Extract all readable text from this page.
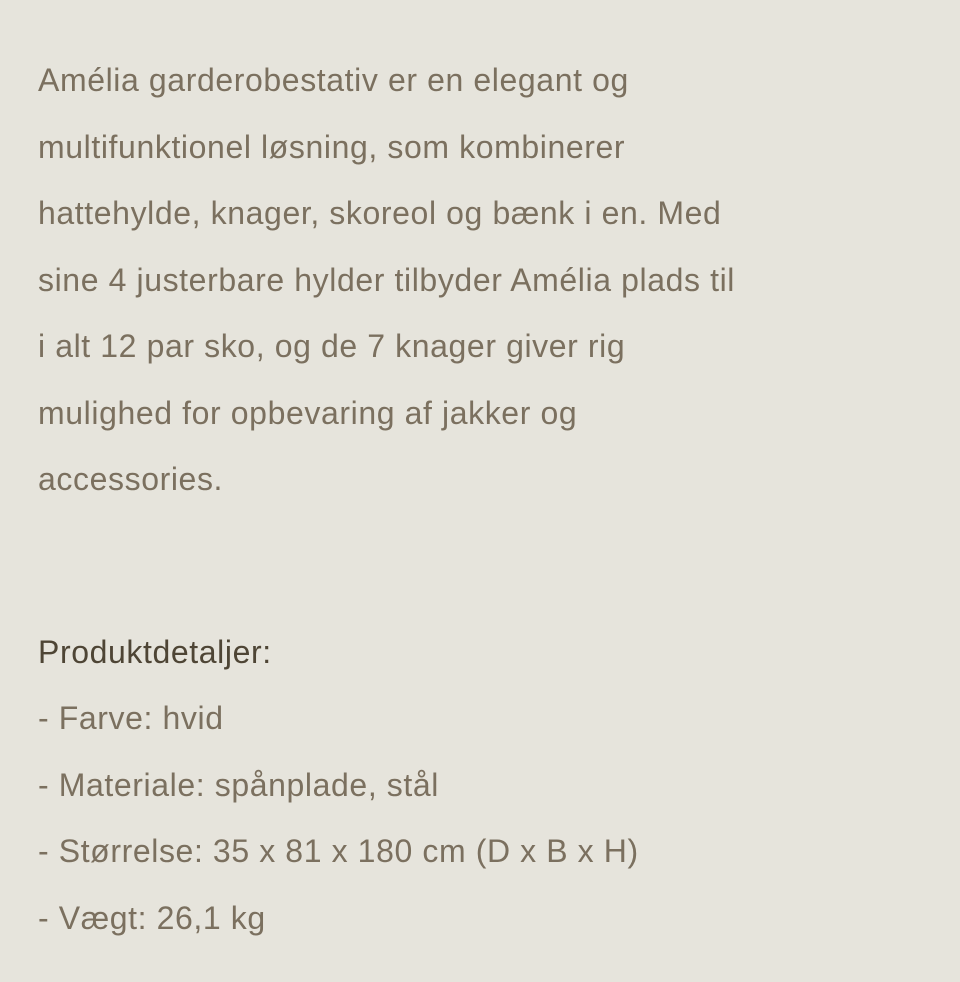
Amélia garderobestativ er en elegant og
multifunktionel løsning, som kombinerer
hattehylde, knager, skoreol og bænk i en. Med
sine 4 justerbare hylder tilbyder Amélia plads til
i alt 12 par sko, og de 7 knager giver rig
mulighed for opbevaring af jakker og
accessories.

Produktdetaljer:
- Farve: hvid
- Materiale: spånplade, stål
- Størrelse: 35 x 81 x 180 cm (D x B x H)
- Vægt: 26,1 kg
